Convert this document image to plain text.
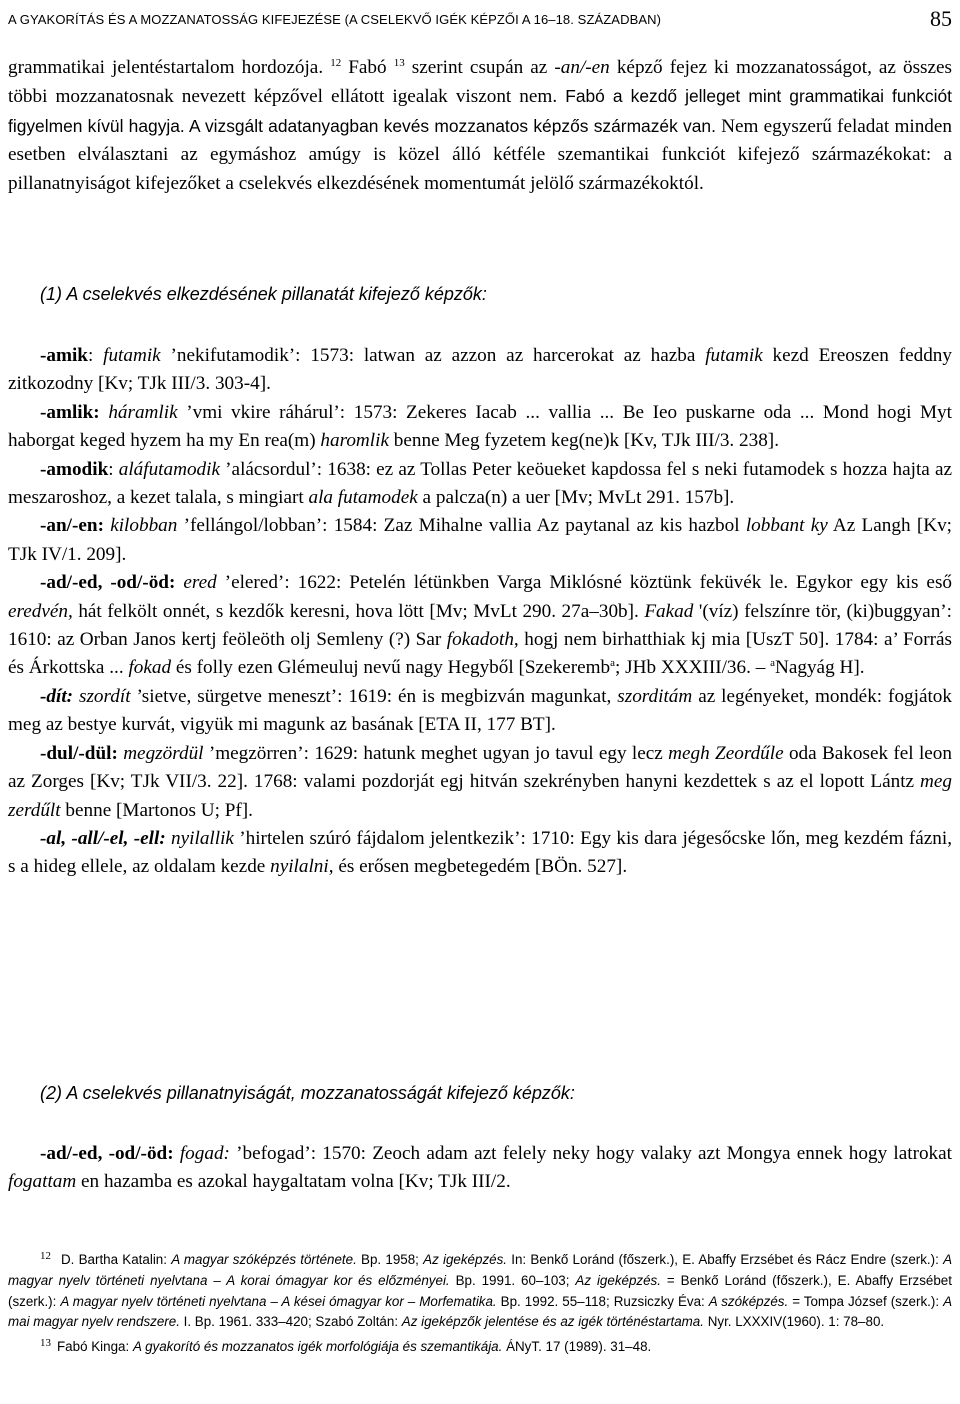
A GYAKORÍTÁS ÉS A MOZZANATOSSÁG KIFEJEZÉSE (A CSELEKVŐ IGÉK KÉPZŐI A 16–18. SZÁZADBAN)	85

grammatikai jelentéstartalom hordozója. $^{12}$ Fabó $^{13}$ szerint csupán az -an/-en képző fejez ki mozzanatosságot, az összes többi mozzanatosnak nevezett képzővel ellátott igealak viszont nem. Fabó a kezdő jelleget mint grammatikai funkciót figyelmen kívül hagyja. A vizsgált adatanyagban kevés mozzanatos képzős származék van. Nem egyszerű feladat minden esetben elválasztani az egymáshoz amúgy is közel álló kétféle szemantikai funkciót kifejező származékokat: a pillanatnyiságot kifejezőket a cselekvés elkezdésének momentumát jelölő származékoktól.

(1) A cselekvés elkezdésének pillanatát kifejező képzők:

-amik: futamik ’nekifutamodik’: 1573: latwan az azzon az harcerokat az hazba futamik kezd Ereoszen feddny zitkozodny [Kv; TJk III/3. 303-4].

-amlik: háramlik ’vmi vkire ráhárul’: 1573: Zekeres Iacab ... vallia ... Be Ieo puskarne oda ... Mond hogi Myt haborgat keged hyzem ha my En rea(m) haromlik benne Meg fyzetem keg(ne)k [Kv, TJk III/3. 238].

-amodik: aláfutamodik ’alácsordul’: 1638: ez az Tollas Peter keöueket kapdossa fel s neki futamodek s hozza hajta az meszaroshoz, a kezet talala, s mingiart ala futamodek a palcza(n) a uer [Mv; MvLt 291. 157b].

-an/-en: kilobban ’fellángol/lobban’: 1584: Zaz Mihalne vallia Az paytanal az kis hazbol lobbant ky Az Langh [Kv; TJk IV/1. 209].

-ad/-ed, -od/-öd: ered ’elered’: 1622: Petelén létünkben Varga Miklósné köztünk feküvék le. Egykor egy kis eső eredvén, hát felkölt onnét, s kezdők keresni, hova lött [Mv; MvLt 290. 27a–30b]. Fakad '(víz) felszínre tör, (ki)buggyan’: 1610: az Orban Janos kertj feöleöth olj Semleny (?) Sar fokadoth, hogj nem birhatthiak kj mia [UszT 50]. 1784: a’ Forrás és Árkottska ... fokad és folly ezen Glémeuluj nevű nagy Hegyből [Szekeremb$^a$; JHb XXXIII/36. – $^a$Nagyág H].

-dít: szordít ’sietve, sürgetve meneszt’: 1619: én is megbizván magunkat, szorditám az legényeket, mondék: fogjátok meg az bestye kurvát, vigyük mi magunk az basának [ETA II, 177 BT].

-dul/-dül: megzördül ’megzörren’: 1629: hatunk meghet ugyan jo tavul egy lecz megh Zeordűle oda Bakosek fel leon az Zorges [Kv; TJk VII/3. 22]. 1768: valami pozdorját egj hitván szekrényben hanyni kezdettek s az el lopott Lántz meg zerdűlt benne [Martonos U; Pf].

-al, -all/-el, -ell: nyilallik ’hirtelen szúró fájdalom jelentkezik’: 1710: Egy kis dara jégesőcske lőn, meg kezdém fázni, s a hideg ellele, az oldalam kezde nyilalni, és erősen megbetegedém [BÖn. 527].

(2) A cselekvés pillanatnyiságát, mozzanatosságát kifejező képzők:

-ad/-ed, -od/-öd: fogad: ’befogad’: 1570: Zeoch adam azt felely neky hogy valaky azt Mongya ennek hogy latrokat fogattam en hazamba es azokal haygaltatam volna [Kv; TJk III/2.

$^{12}$ D. Bartha Katalin: A magyar szóképzés története. Bp. 1958; Az igeképzés. In: Benkő Loránd (főszerk.), E. Abaffy Erzsébet és Rácz Endre (szerk.): A magyar nyelv történeti nyelvtana – A korai ómagyar kor és előzményei. Bp. 1991. 60–103; Az igeképzés. = Benkő Loránd (főszerk.), E. Abaffy Erzsébet (szerk.): A magyar nyelv történeti nyelvtana – A kései ómagyar kor – Morfematika. Bp. 1992. 55–118; Ruzsiczky Éva: A szóképzés. = Tompa József (szerk.): A mai magyar nyelv rendszere. I. Bp. 1961. 333–420; Szabó Zoltán: Az igeképzők jelentése és az igék történéstartama. Nyr. LXXXIV(1960). 1: 78–80.

$^{13}$ Fabó Kinga: A gyakorító és mozzanatos igék morfológiája és szemantikája. ÁNyT. 17 (1989). 31–48.
